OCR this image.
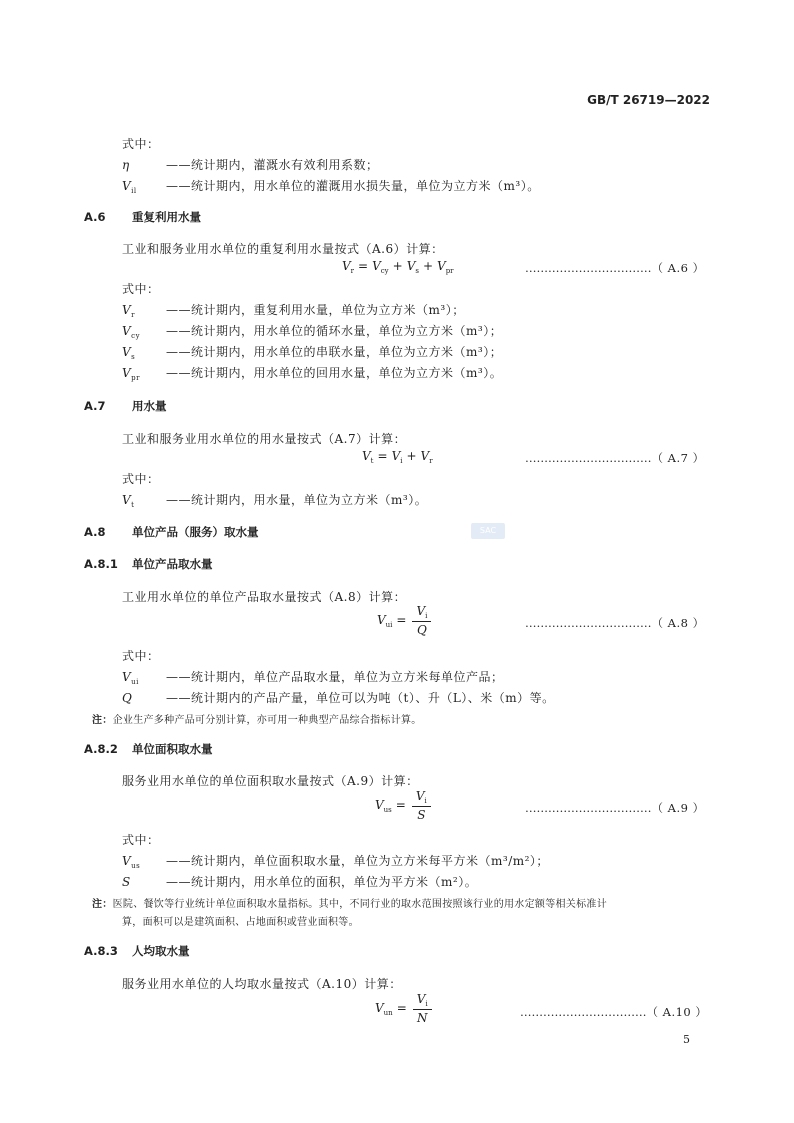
GB/T 26719—2022
式中：
η	——统计期内，灌溉水有效利用系数；
$V_{il}$ ——统计期内，用水单位的灌溉用水损失量，单位为立方米（m³）。
A.6 重复利用水量
工业和服务业用水单位的重复利用水量按式（A.6）计算：
$V_r = V_{cy} + V_s + V_{pr}$	……………………………（ A.6 ）
式中：
$V_r$	——统计期内，重复利用水量，单位为立方米（m³）；
$V_{cy}$ ——统计期内，用水单位的循环水量，单位为立方米（m³）；
$V_s$	——统计期内，用水单位的串联水量，单位为立方米（m³）；
$V_{pr}$ ——统计期内，用水单位的回用水量，单位为立方米（m³）。
A.7 用水量
工业和服务业用水单位的用水量按式（A.7）计算：
$V_t = V_i + V_r$	……………………………（ A.7 ）
式中：
$V_t$	——统计期内，用水量，单位为立方米（m³）。
A.8 单位产品（服务）取水量	SAC
A.8.1 单位产品取水量
工业用水单位的单位产品取水量按式（A.8）计算：
$V_{ui} = \frac{V_i}{Q}$	……………………………（ A.8 ）
式中：
$V_{ui}$ ——统计期内，单位产品取水量，单位为立方米每单位产品；
Q	——统计期内的产品产量，单位可以为吨（t）、升（L）、米（m）等。
注：企业生产多种产品可分别计算，亦可用一种典型产品综合指标计算。
A.8.2 单位面积取水量
服务业用水单位的单位面积取水量按式（A.9）计算：
$V_{us} = \frac{V_i}{S}$	……………………………（ A.9 ）
式中：
$V_{us}$ ——统计期内，单位面积取水量，单位为立方米每平方米（m³/m²）；
S	——统计期内，用水单位的面积，单位为平方米（m²）。
注：医院、餐饮等行业统计单位面积取水量指标。其中，不同行业的取水范围按照该行业的用水定额等相关标准计
算，面积可以是建筑面积、占地面积或营业面积等。
A.8.3 人均取水量
服务业用水单位的人均取水量按式（A.10）计算：
$V_{un} = \frac{V_i}{N}$	……………………………（ A.10 ）
5
